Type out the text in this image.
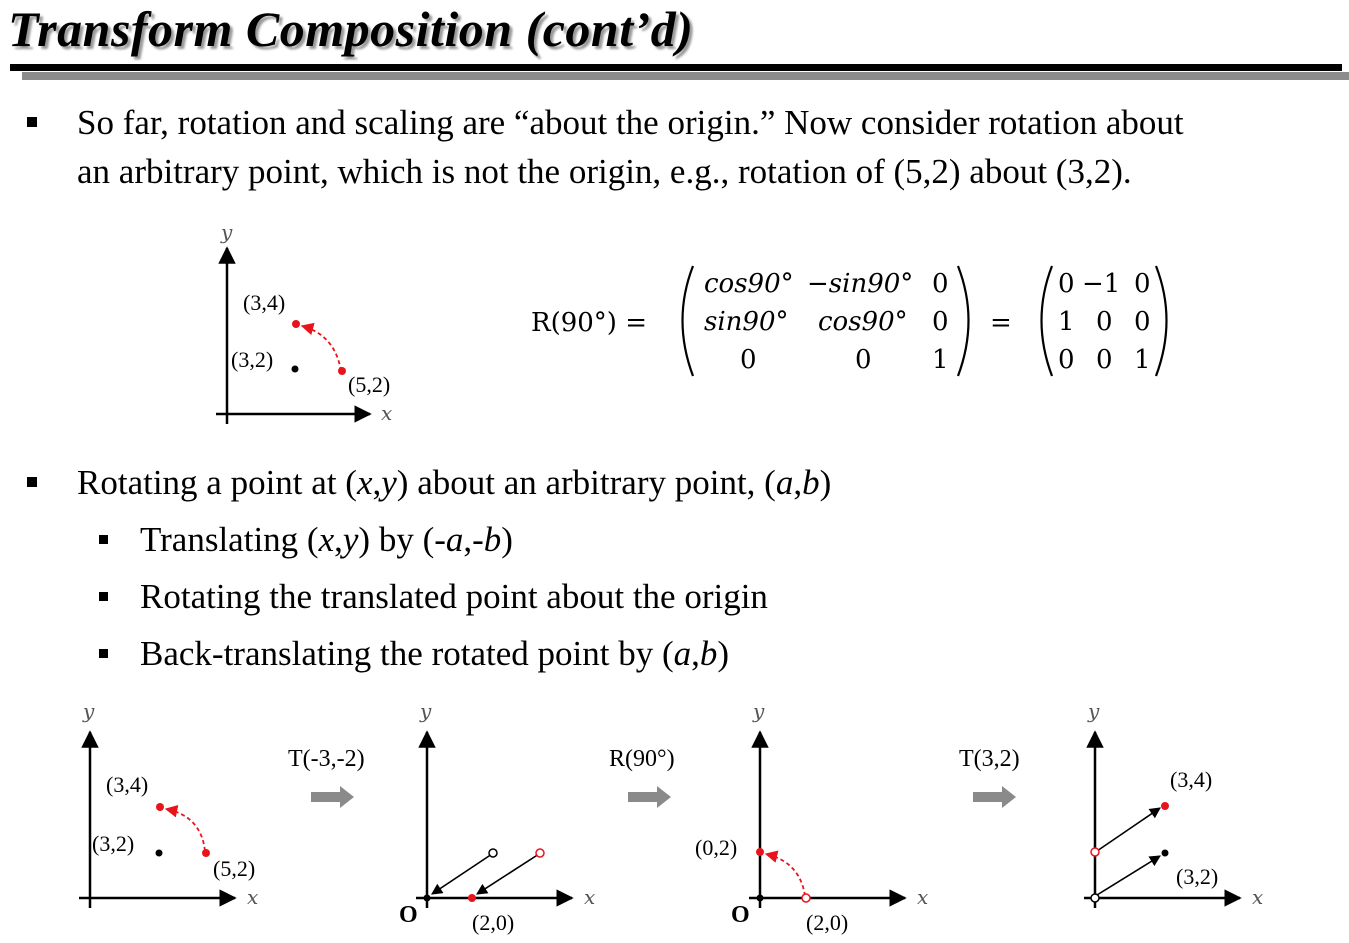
Transform Composition (cont’d)
So far, rotation and scaling are “about the origin.” Now consider rotation about
an arbitrary point, which is not the origin, e.g., rotation of (5,2) about (3,2).
Rotating a point at (x,y) about an arbitrary point, (a,b)
Translating (x,y) by (-a,-b)
Rotating the translated point about the origin
Back-translating the rotated point by (a,b)
y
x
(3,4)
(3,2)
(5,2)
R(90°) =
cos90° −sin90° 0
sin90° cos90° 0
0	0 1
=
0 −1 0
1 0 0
0 0 1
y
x
(3,4)
(3,2)
(5,2)
T(-3,-2)
y
x
O (2,0)
R(90°)
y
x
O
(0,2)
(2,0)
T(3,2)
y
x
(3,4)
(3,2)
